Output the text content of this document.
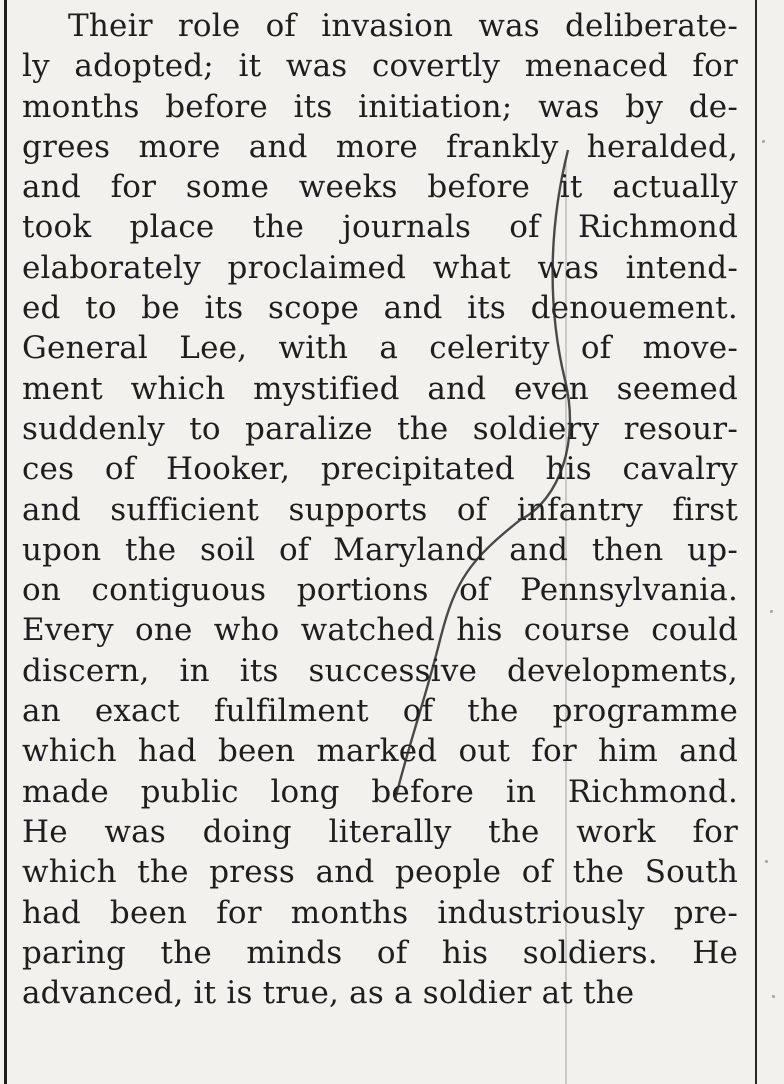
Their role of invasion was deliberate-
ly adopted; it was covertly menaced for
months before its initiation; was by de-
grees more and more frankly heralded,
and for some weeks before it actually
took place the journals of Richmond
elaborately proclaimed what was intend-
ed to be its scope and its denouement.
General Lee, with a celerity of move-
ment which mystified and even seemed
suddenly to paralize the soldiery resour-
ces of Hooker, precipitated his cavalry
and sufficient supports of infantry first
upon the soil of Maryland and then up-
on contiguous portions of Pennsylvania.
Every one who watched his course could
discern, in its successive developments,
an exact fulfilment of the programme
which had been marked out for him and
made public long before in Richmond.
He was doing literally the work for
which the press and people of the South
had been for months industriously pre-
paring the minds of his soldiers. He
advanced, it is true, as a soldier at the
